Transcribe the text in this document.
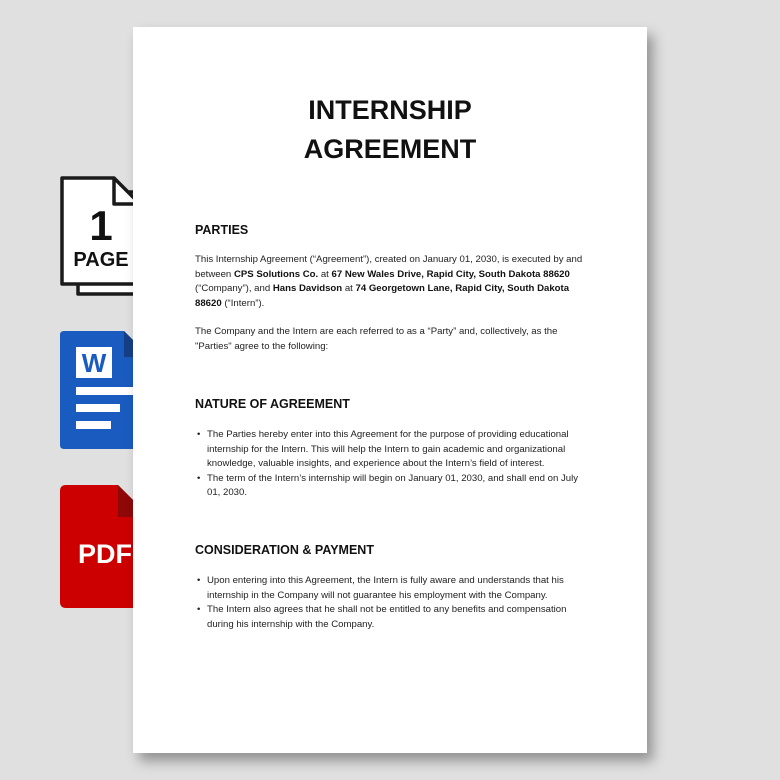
1
PAGE
W
PDF
INTERNSHIP
AGREEMENT
PARTIES
This Internship Agreement (“Agreement”), created on January 01, 2030, is executed by and between CPS Solutions Co. at 67 New Wales Drive, Rapid City, South Dakota 88620 (“Company”), and Hans Davidson at 74 Georgetown Lane, Rapid City, South Dakota 88620 (“Intern”).
The Company and the Intern are each referred to as a “Party” and, collectively, as the "Parties" agree to the following:
NATURE OF AGREEMENT
• The Parties hereby enter into this Agreement for the purpose of providing educational internship for the Intern. This will help the Intern to gain academic and organizational knowledge, valuable insights, and experience about the Intern’s field of interest.
• The term of the Intern’s internship will begin on January 01, 2030, and shall end on July 01, 2030.
CONSIDERATION & PAYMENT
• Upon entering into this Agreement, the Intern is fully aware and understands that his internship in the Company will not guarantee his employment with the Company.
• The Intern also agrees that he shall not be entitled to any benefits and compensation during his internship with the Company.
